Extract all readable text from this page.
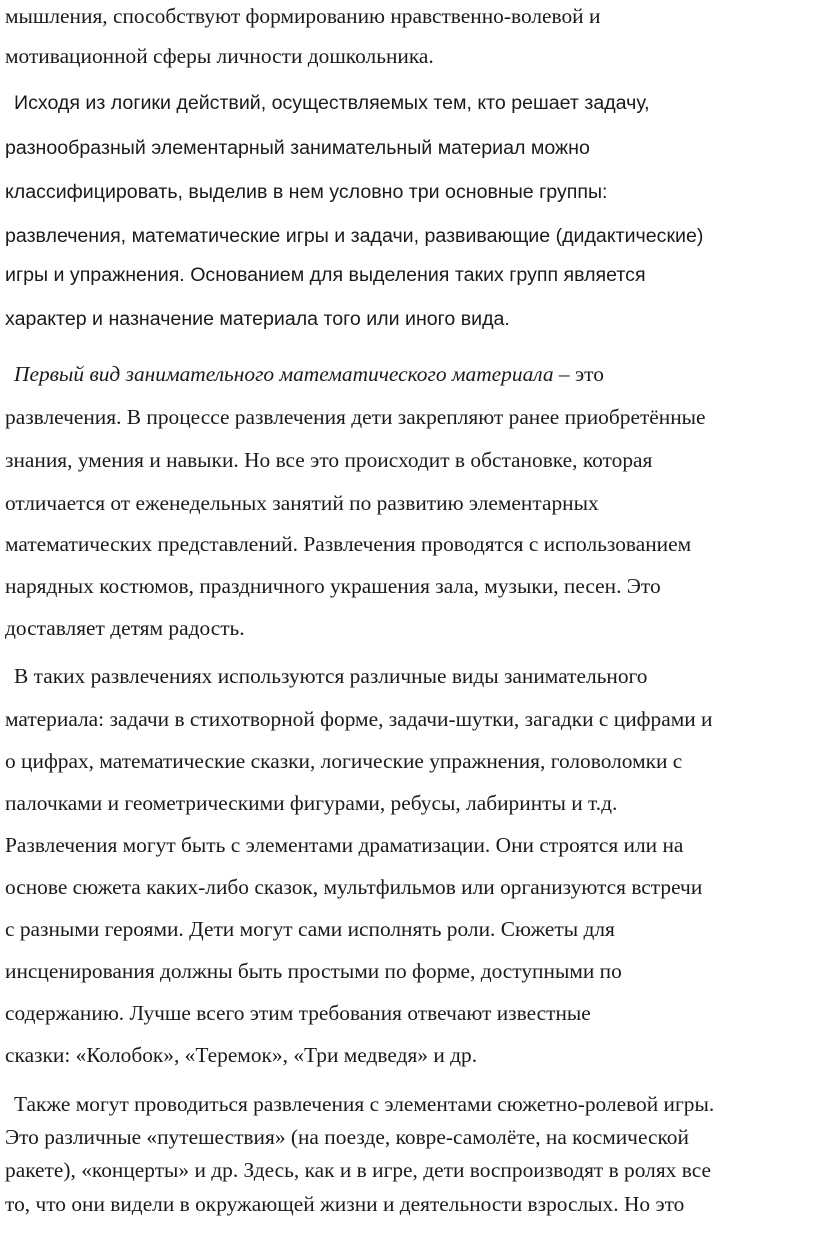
мышления, способствуют формированию нравственно-волевой и
мотивационной сферы личности дошкольника.
Исходя из логики действий, осуществляемых тем, кто решает задачу,
разнообразный элементарный занимательный материал можно
классифицировать, выделив в нем условно три основные группы:
развлечения, математические игры и задачи, развивающие (дидактические)
игры и упражнения. Основанием для выделения таких групп является
характер и назначение материала того или иного вида.
Первый вид занимательного математического материала – это
развлечения. В процессе развлечения дети закрепляют ранее приобретённые
знания, умения и навыки. Но все это происходит в обстановке, которая
отличается от еженедельных занятий по развитию элементарных
математических представлений. Развлечения проводятся с использованием
нарядных костюмов, праздничного украшения зала, музыки, песен. Это
доставляет детям радость.
В таких развлечениях используются различные виды занимательного
материала: задачи в стихотворной форме, задачи-шутки, загадки с цифрами и
о цифрах, математические сказки, логические упражнения, головоломки с
палочками и геометрическими фигурами, ребусы, лабиринты и т.д.
Развлечения могут быть с элементами драматизации. Они строятся или на
основе сюжета каких-либо сказок, мультфильмов или организуются встречи
с разными героями. Дети могут сами исполнять роли. Сюжеты для
инсценирования должны быть простыми по форме, доступными по
содержанию. Лучше всего этим требования отвечают известные
сказки: «Колобок», «Теремок», «Три медведя» и др.
Также могут проводиться развлечения с элементами сюжетно-ролевой игры.
Это различные «путешествия» (на поезде, ковре-самолёте, на космической
ракете), «концерты» и др. Здесь, как и в игре, дети воспроизводят в ролях все
то, что они видели в окружающей жизни и деятельности взрослых. Но это
